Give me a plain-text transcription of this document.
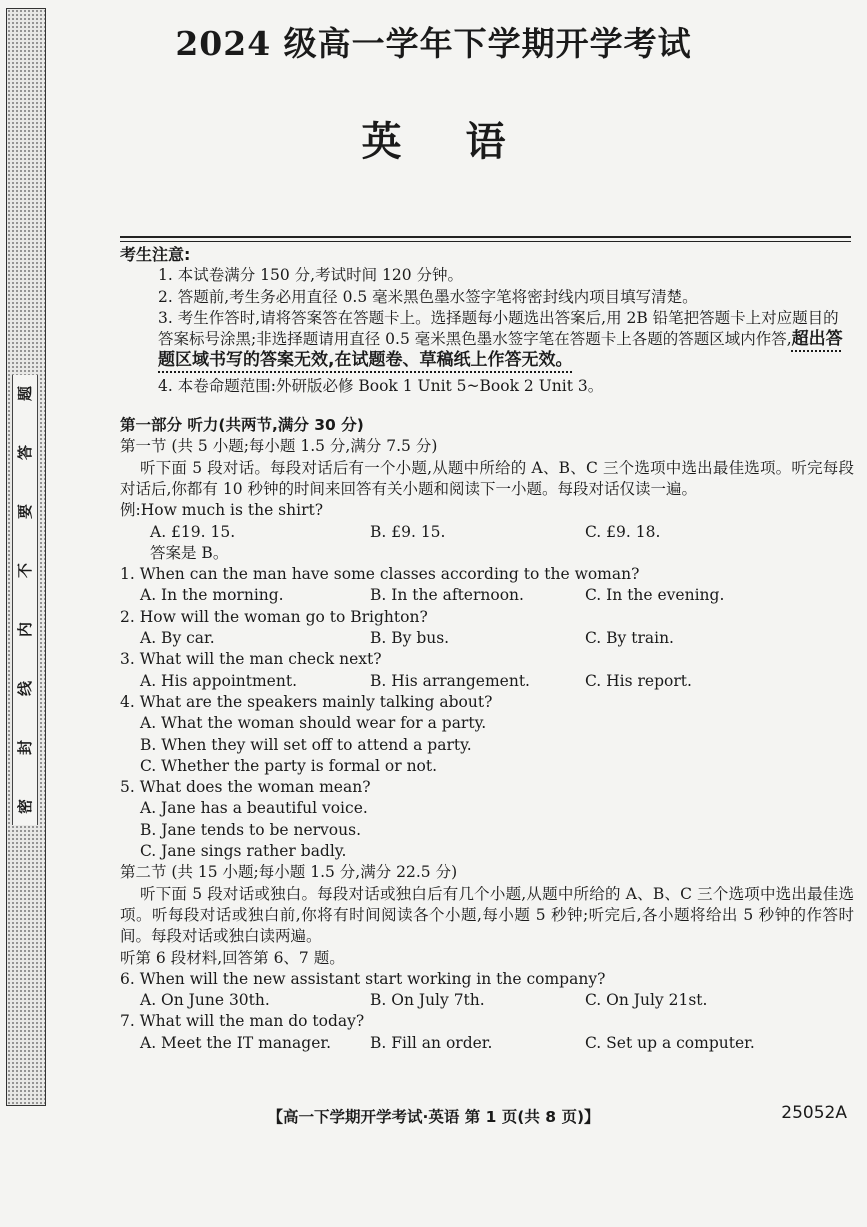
密
封
线
内
不
要
答
题
2024 级高一学年下学期开学考试
英语

考生注意:

1. 本试卷满分 150 分,考试时间 120 分钟。

2. 答题前,考生务必用直径 0.5 毫米黑色墨水签字笔将密封线内项目填写清楚。

3. 考生作答时,请将答案答在答题卡上。选择题每小题选出答案后,用 2B 铅笔把答题卡上对应题目的答案标号涂黑;非选择题请用直径 0.5 毫米黑色墨水签字笔在答题卡上各题的答题区域内作答,超出答题区域书写的答案无效,在试题卷、草稿纸上作答无效。

4. 本卷命题范围:外研版必修 Book 1 Unit 5~Book 2 Unit 3。

第一部分 听力(共两节,满分 30 分)

第一节 (共 5 小题;每小题 1.5 分,满分 7.5 分)

听下面 5 段对话。每段对话后有一个小题,从题中所给的 A、B、C 三个选项中选出最佳选项。听完每段对话后,你都有 10 秒钟的时间来回答有关小题和阅读下一小题。每段对话仅读一遍。

例:How much is the shirt?

A. £19. 15.	B. £9. 15.	C. £9. 18.

答案是 B。

1. When can the man have some classes according to the woman?

A. In the morning.	B. In the afternoon.	C. In the evening.

2. How will the woman go to Brighton?

A. By car.	B. By bus.	C. By train.

3. What will the man check next?

A. His appointment.	B. His arrangement.	C. His report.

4. What are the speakers mainly talking about?

A. What the woman should wear for a party.

B. When they will set off to attend a party.

C. Whether the party is formal or not.

5. What does the woman mean?

A. Jane has a beautiful voice.

B. Jane tends to be nervous.

C. Jane sings rather badly.

第二节 (共 15 小题;每小题 1.5 分,满分 22.5 分)

听下面 5 段对话或独白。每段对话或独白后有几个小题,从题中所给的 A、B、C 三个选项中选出最佳选项。听每段对话或独白前,你将有时间阅读各个小题,每小题 5 秒钟;听完后,各小题将给出 5 秒钟的作答时间。每段对话或独白读两遍。

听第 6 段材料,回答第 6、7 题。

6. When will the new assistant start working in the company?

A. On June 30th.	B. On July 7th.	C. On July 21st.

7. What will the man do today?

A. Meet the IT manager.	B. Fill an order.	C. Set up a computer.
【高一下学期开学考试·英语 第 1 页(共 8 页)】	25052A
